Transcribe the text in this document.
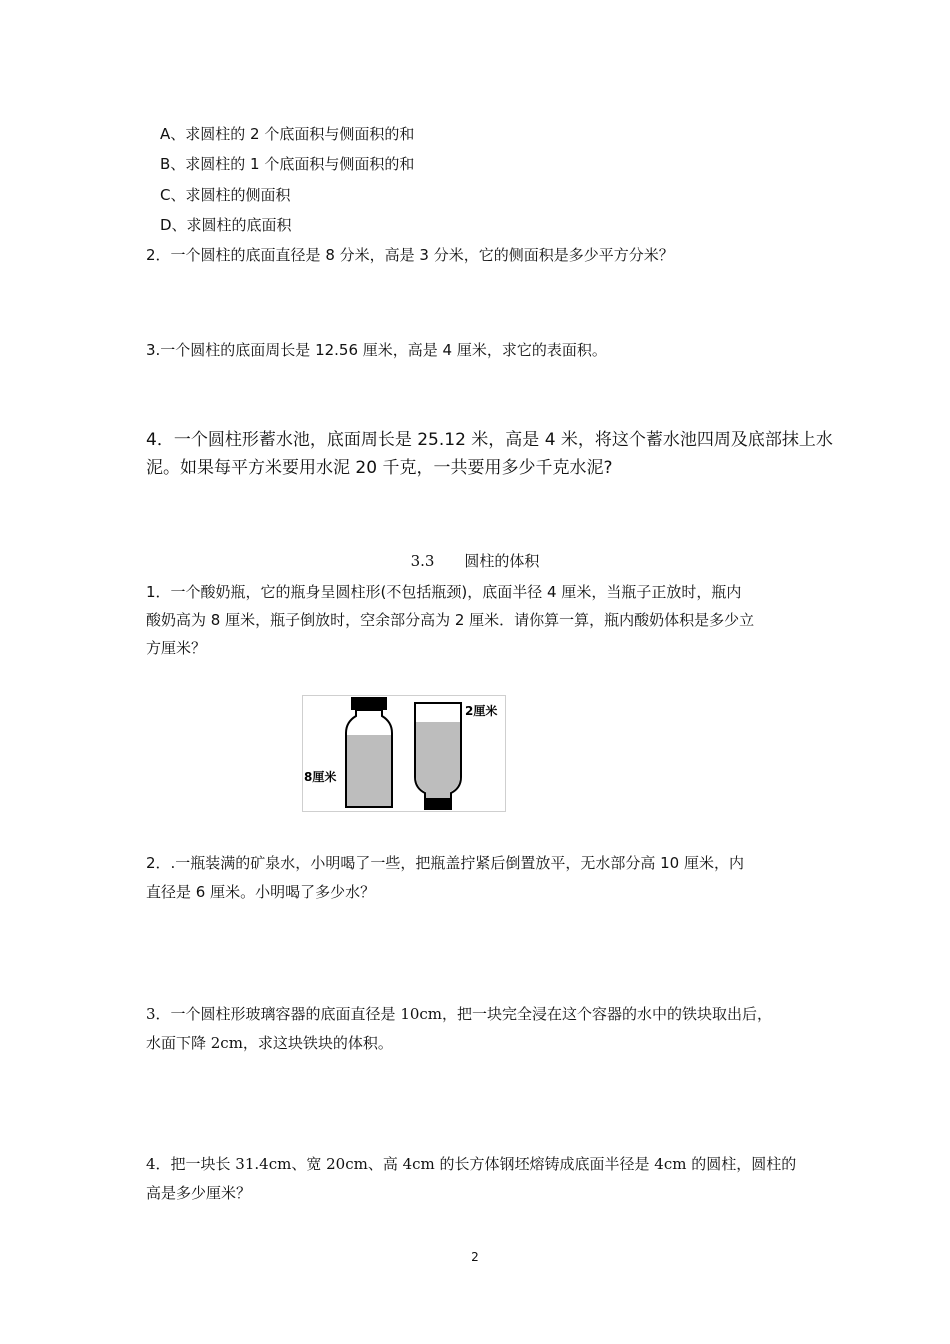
A、求圆柱的 2 个底面积与侧面积的和
B、求圆柱的 1 个底面积与侧面积的和
C、求圆柱的侧面积
D、求圆柱的底面积
2．一个圆柱的底面直径是 8 分米，高是 3 分米，它的侧面积是多少平方分米？
3.一个圆柱的底面周长是 12.56 厘米，高是 4 厘米，求它的表面积。
4．一个圆柱形蓄水池，底面周长是 25.12 米，高是 4 米，将这个蓄水池四周及底部抹上水
泥。如果每平方米要用水泥 20 千克，一共要用多少千克水泥?
3.3　　圆柱的体积
1．一个酸奶瓶，它的瓶身呈圆柱形(不包括瓶颈)，底面半径 4 厘米，当瓶子正放时，瓶内
酸奶高为 8 厘米，瓶子倒放时，空余部分高为 2 厘米．请你算一算，瓶内酸奶体积是多少立
方厘米？
8厘米
2厘米
2．.一瓶装满的矿泉水，小明喝了一些，把瓶盖拧紧后倒置放平，无水部分高 10 厘米，内
直径是 6 厘米。小明喝了多少水？
3．一个圆柱形玻璃容器的底面直径是 10cm，把一块完全浸在这个容器的水中的铁块取出后，
水面下降 2cm，求这块铁块的体积。
4．把一块长 31.4cm、宽 20cm、高 4cm 的长方体钢坯熔铸成底面半径是 4cm 的圆柱，圆柱的
高是多少厘米？
2
